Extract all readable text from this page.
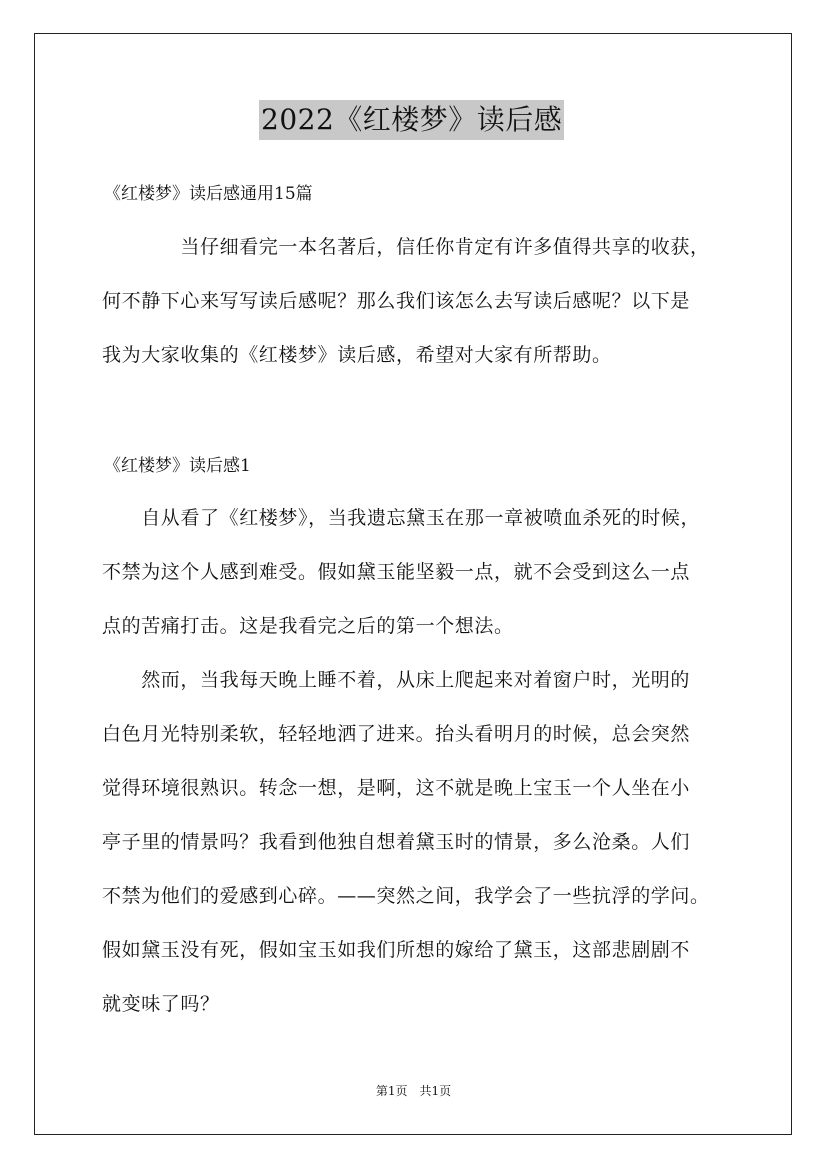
2022《红楼梦》读后感

《红楼梦》读后感通用15篇

　　　　当仔细看完一本名著后，信任你肯定有许多值得共享的收获，
何不静下心来写写读后感呢？那么我们该怎么去写读后感呢？以下是
我为大家收集的《红楼梦》读后感，希望对大家有所帮助。

《红楼梦》读后感1

　　自从看了《红楼梦》，当我遗忘黛玉在那一章被喷血杀死的时候，
不禁为这个人感到难受。假如黛玉能坚毅一点，就不会受到这么一点
点的苦痛打击。这是我看完之后的第一个想法。

　　然而，当我每天晚上睡不着，从床上爬起来对着窗户时，光明的
白色月光特别柔软，轻轻地洒了进来。抬头看明月的时候，总会突然
觉得环境很熟识。转念一想，是啊，这不就是晚上宝玉一个人坐在小
亭子里的情景吗？我看到他独自想着黛玉时的情景，多么沧桑。人们
不禁为他们的爱感到心碎。——突然之间，我学会了一些抗浮的学问。
假如黛玉没有死，假如宝玉如我们所想的嫁给了黛玉，这部悲剧剧不
就变味了吗？

第1页　共1页
